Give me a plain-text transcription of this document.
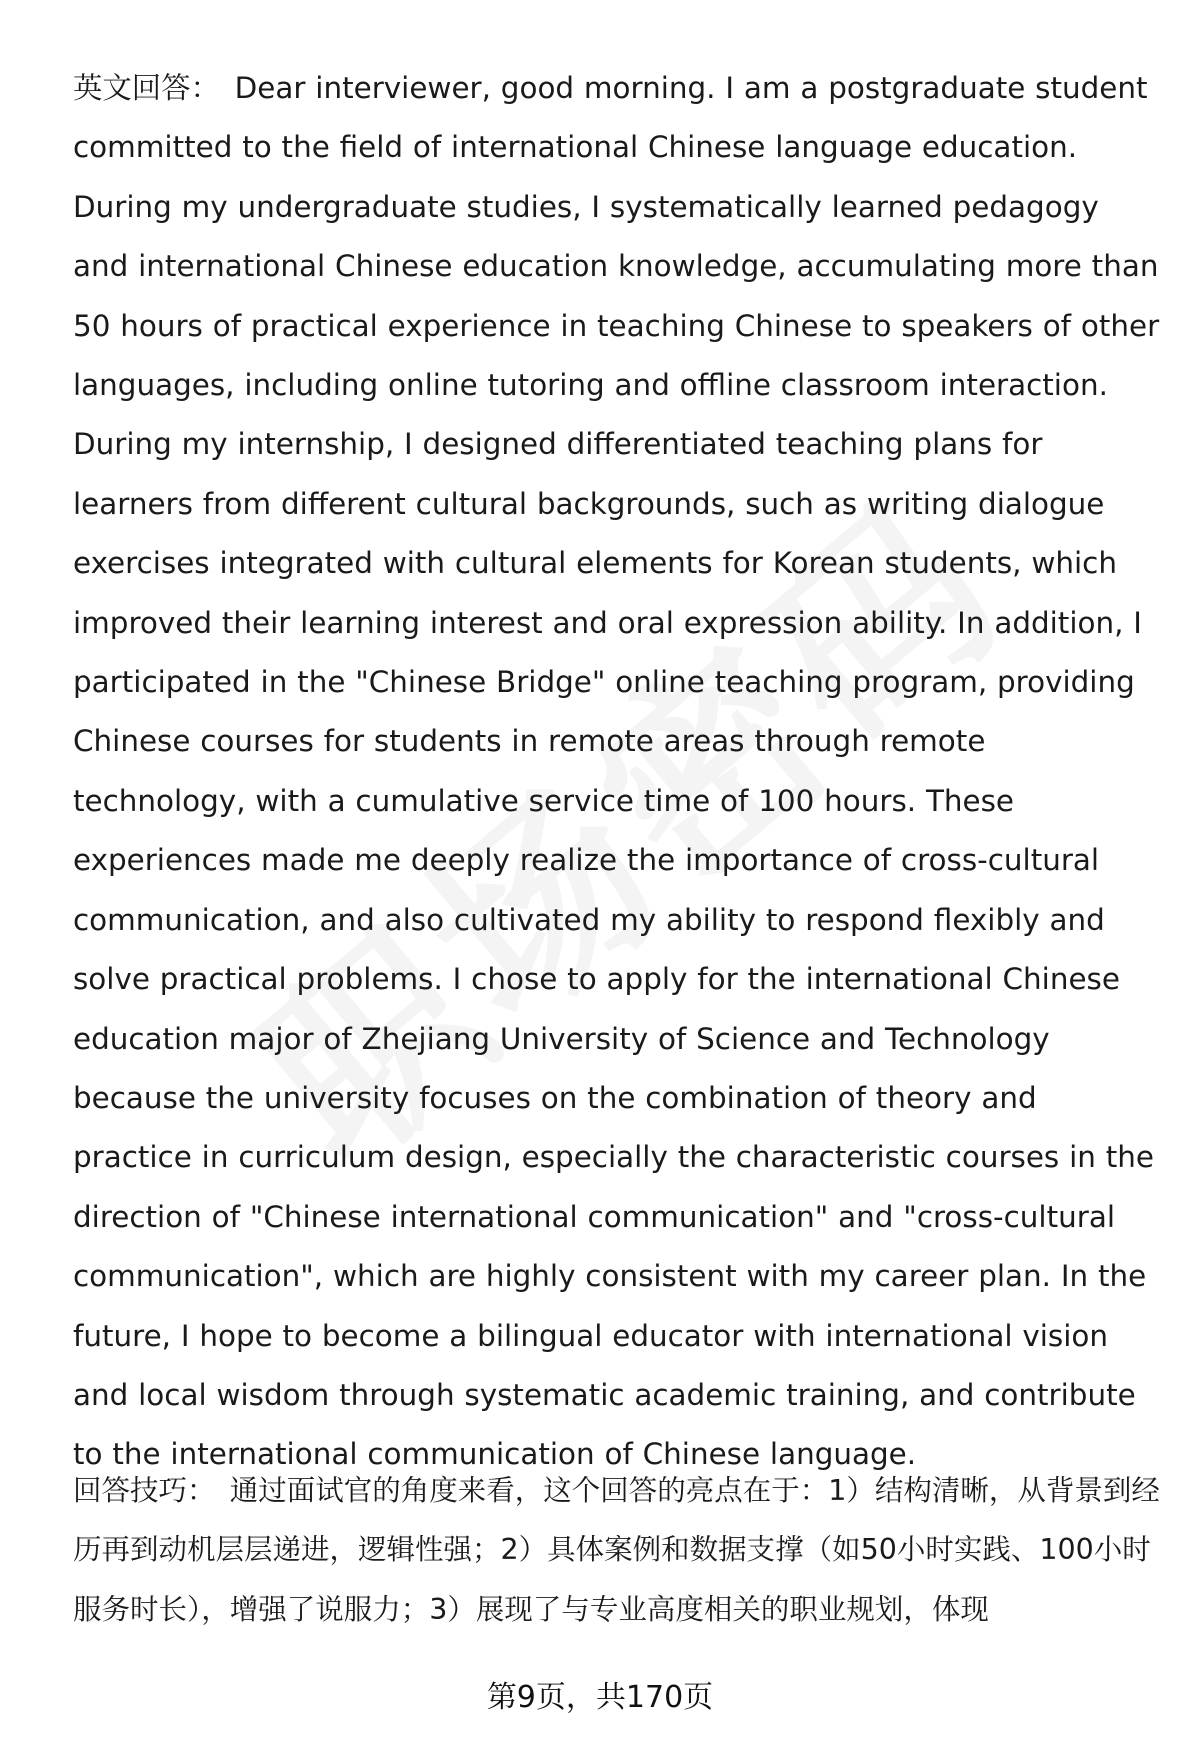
英文回答： Dear interviewer, good morning. I am a postgraduate student committed to the field of international Chinese language education. During my undergraduate studies, I systematically learned pedagogy and international Chinese education knowledge, accumulating more than 50 hours of practical experience in teaching Chinese to speakers of other languages, including online tutoring and offline classroom interaction. During my internship, I designed differentiated teaching plans for learners from different cultural backgrounds, such as writing dialogue exercises integrated with cultural elements for Korean students, which improved their learning interest and oral expression ability. In addition, I participated in the "Chinese Bridge" online teaching program, providing Chinese courses for students in remote areas through remote technology, with a cumulative service time of 100 hours. These experiences made me deeply realize the importance of cross-cultural communication, and also cultivated my ability to respond flexibly and solve practical problems. I chose to apply for the international Chinese education major of Zhejiang University of Science and Technology because the university focuses on the combination of theory and practice in curriculum design, especially the characteristic courses in the direction of "Chinese international communication" and "cross-cultural communication", which are highly consistent with my career plan. In the future, I hope to become a bilingual educator with international vision and local wisdom through systematic academic training, and contribute to the international communication of Chinese language.

回答技巧： 通过面试官的角度来看，这个回答的亮点在于：1）结构清晰，从背景到经历再到动机层层递进，逻辑性强；2）具体案例和数据支撑（如50小时实践、100小时服务时长），增强了说服力；3）展现了与专业高度相关的职业规划，体现

第9页，共170页
